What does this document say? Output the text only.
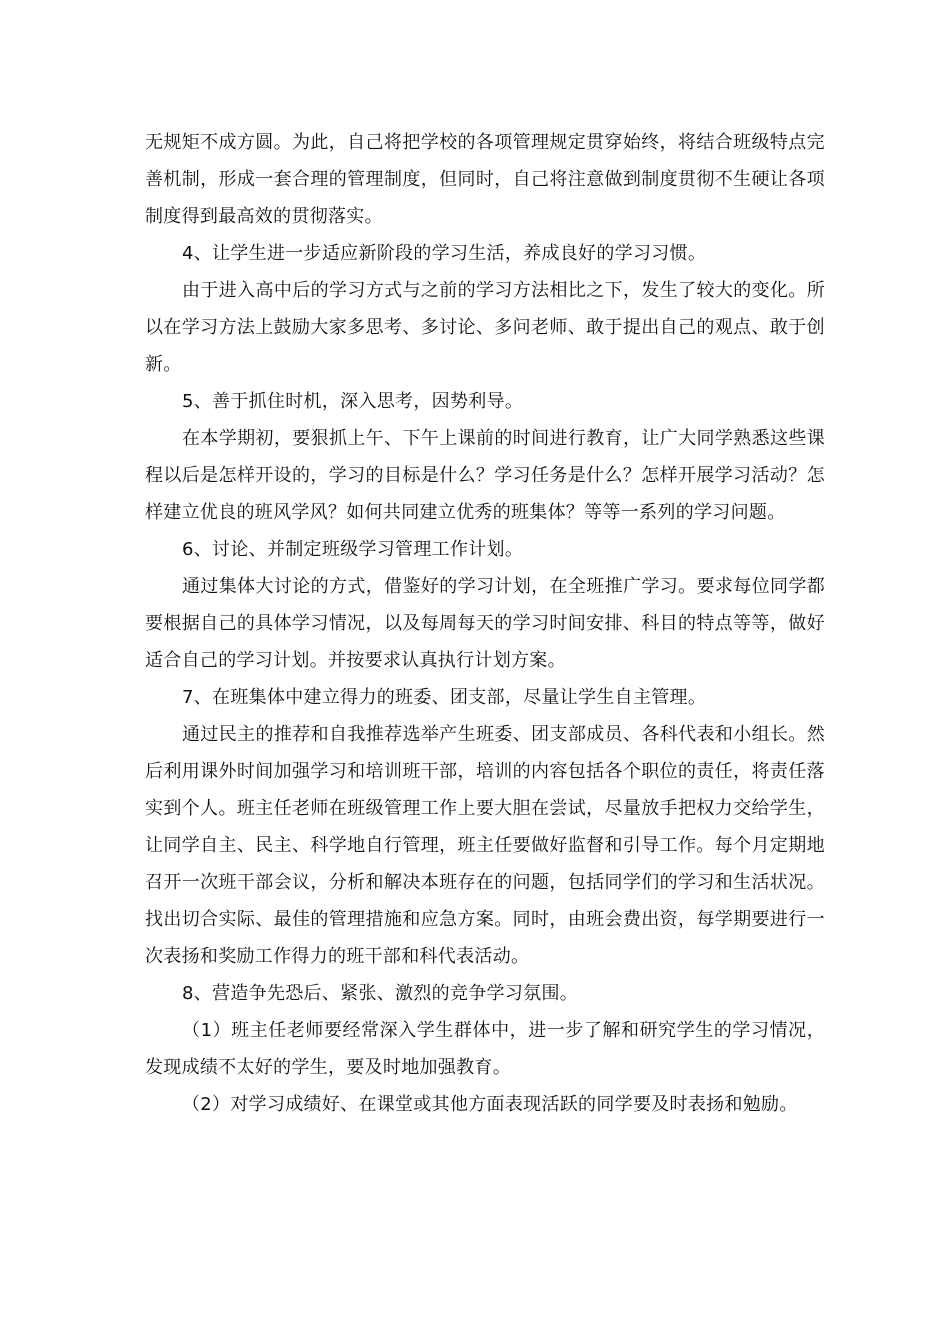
无规矩不成方圆。为此，自己将把学校的各项管理规定贯穿始终，将结合班级特点完善机制，形成一套合理的管理制度，但同时，自己将注意做到制度贯彻不生硬让各项制度得到最高效的贯彻落实。

4、让学生进一步适应新阶段的学习生活，养成良好的学习习惯。

由于进入高中后的学习方式与之前的学习方法相比之下，发生了较大的变化。所以在学习方法上鼓励大家多思考、多讨论、多问老师、敢于提出自己的观点、敢于创新。

5、善于抓住时机，深入思考，因势利导。

在本学期初，要狠抓上午、下午上课前的时间进行教育，让广大同学熟悉这些课程以后是怎样开设的，学习的目标是什么？学习任务是什么？怎样开展学习活动？怎样建立优良的班风学风？如何共同建立优秀的班集体？等等一系列的学习问题。

6、讨论、并制定班级学习管理工作计划。

通过集体大讨论的方式，借鉴好的学习计划，在全班推广学习。要求每位同学都要根据自己的具体学习情况，以及每周每天的学习时间安排、科目的特点等等，做好适合自己的学习计划。并按要求认真执行计划方案。

7、在班集体中建立得力的班委、团支部，尽量让学生自主管理。

通过民主的推荐和自我推荐选举产生班委、团支部成员、各科代表和小组长。然后利用课外时间加强学习和培训班干部，培训的内容包括各个职位的责任，将责任落实到个人。班主任老师在班级管理工作上要大胆在尝试，尽量放手把权力交给学生，让同学自主、民主、科学地自行管理，班主任要做好监督和引导工作。每个月定期地召开一次班干部会议，分析和解决本班存在的问题，包括同学们的学习和生活状况。找出切合实际、最佳的管理措施和应急方案。同时，由班会费出资，每学期要进行一次表扬和奖励工作得力的班干部和科代表活动。

8、营造争先恐后、紧张、激烈的竞争学习氛围。

（1）班主任老师要经常深入学生群体中，进一步了解和研究学生的学习情况，发现成绩不太好的学生，要及时地加强教育。

（2）对学习成绩好、在课堂或其他方面表现活跃的同学要及时表扬和勉励。
